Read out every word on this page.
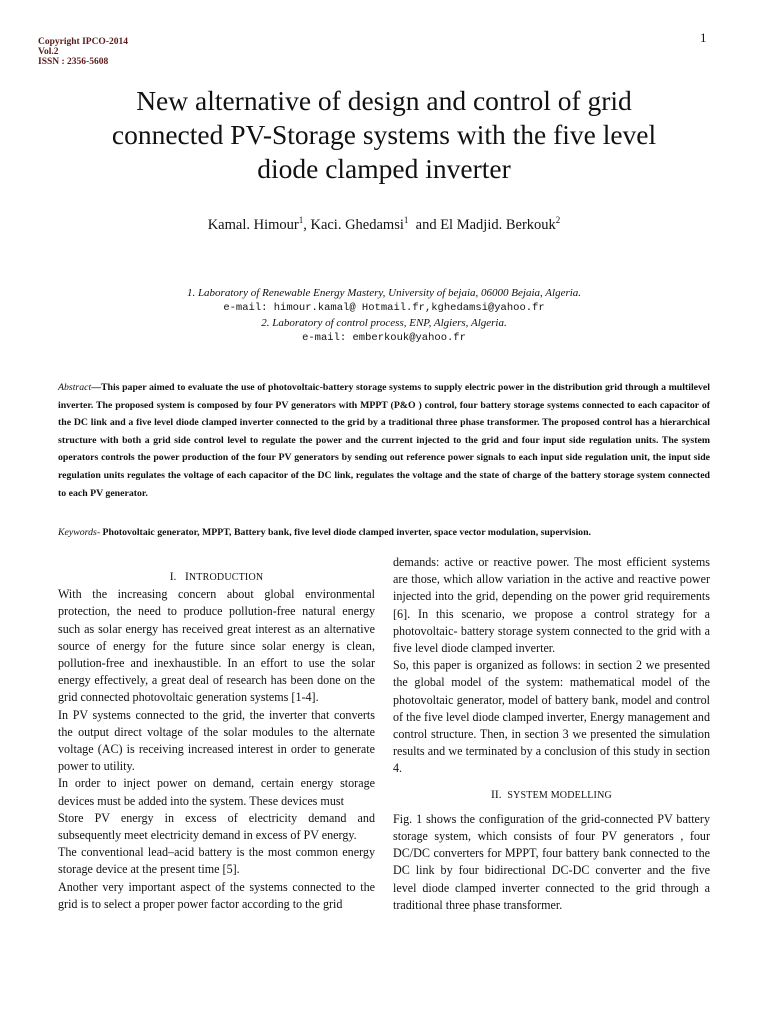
1
Copyright IPCO-2014
Vol.2
ISSN : 2356-5608
New alternative of design and control of grid
connected PV-Storage systems with the five level
diode clamped inverter
Kamal. Himour$^1$, Kaci. Ghedamsi$^1$  and El Madjid. Berkouk$^2$
1. Laboratory of Renewable Energy Mastery, University of bejaia, 06000 Bejaia, Algeria.
e-mail: himour.kamal@ Hotmail.fr,kghedamsi@yahoo.fr
2. Laboratory of control process, ENP, Algiers, Algeria.
e-mail: emberkouk@yahoo.fr
Abstract—This paper aimed to evaluate the use of photovoltaic-battery storage systems to supply electric power in the distribution grid through a multilevel inverter. The proposed system is composed by four PV generators with MPPT (P&O ) control, four battery storage systems connected to each capacitor of the DC link and a five level diode clamped inverter connected to the grid by a traditional three phase transformer. The proposed control has a hierarchical structure with both a grid side control level to regulate the power and the current injected to the grid and four input side regulation units. The system operators controls the power production of the four PV generators by sending out reference power signals to each input side regulation unit, the input side regulation units regulates the voltage of each capacitor of the DC link, regulates the voltage and the state of charge of the battery storage system connected to each PV generator.
Keywords- Photovoltaic generator, MPPT, Battery bank, five level diode clamped inverter, space vector modulation, supervision.
I. INTRODUCTION

With the increasing concern about global environmental protection, the need to produce pollution-free natural energy such as solar energy has received great interest as an alternative source of energy for the future since solar energy is clean, pollution-free and inexhaustible. In an effort to use the solar energy effectively, a great deal of research has been done on the grid connected photovoltaic generation systems [1-4].

In PV systems connected to the grid, the inverter that converts the output direct voltage of the solar modules to the alternate voltage (AC) is receiving increased interest in order to generate power to utility.

In order to inject power on demand, certain energy storage devices must be added into the system. These devices must

Store PV energy in excess of electricity demand and subsequently meet electricity demand in excess of PV energy.

The conventional lead–acid battery is the most common energy storage device at the present time [5].

Another very important aspect of the systems connected to the grid is to select a proper power factor according to the grid

demands: active or reactive power. The most efficient systems are those, which allow variation in the active and reactive power injected into the grid, depending on the power grid requirements [6]. In this scenario, we propose a control strategy for a photovoltaic- battery storage system connected to the grid with a five level diode clamped inverter.

So, this paper is organized as follows: in section 2 we presented the global model of the system: mathematical model of the photovoltaic generator, model of battery bank, model and control of the five level diode clamped inverter, Energy management and control structure. Then, in section 3 we presented the simulation results and we terminated by a conclusion of this study in section 4.

II. SYSTEM MODELLING

Fig. 1 shows the configuration of the grid-connected PV battery storage system, which consists of four PV generators , four DC/DC converters for MPPT, four battery bank connected to the DC link by four bidirectional DC-DC converter and the five level diode clamped inverter connected to the grid through a traditional three phase transformer.
